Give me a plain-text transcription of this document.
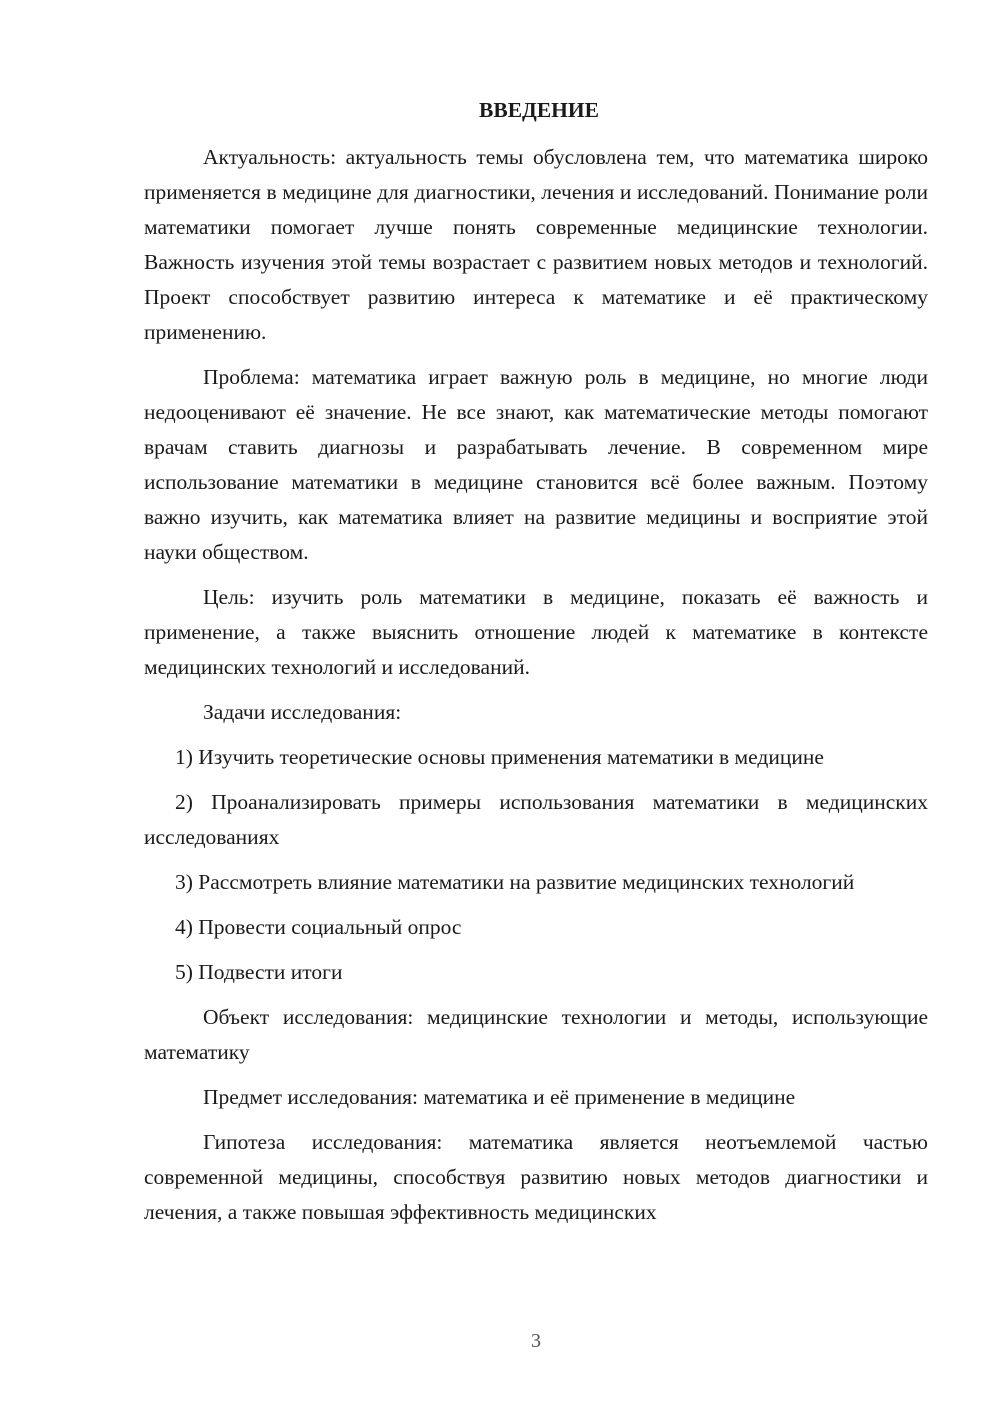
ВВЕДЕНИЕ

Актуальность: актуальность темы обусловлена тем, что математика широко применяется в медицине для диагностики, лечения и исследований. Понимание роли математики помогает лучше понять современные медицинские технологии. Важность изучения этой темы возрастает с развитием новых методов и технологий. Проект способствует развитию интереса к математике и её практическому применению.

Проблема: математика играет важную роль в медицине, но многие люди недооценивают её значение. Не все знают, как математические методы помогают врачам ставить диагнозы и разрабатывать лечение. В современном мире использование математики в медицине становится всё более важным. Поэтому важно изучить, как математика влияет на развитие медицины и восприятие этой науки обществом.

Цель: изучить роль математики в медицине, показать её важность и применение, а также выяснить отношение людей к математике в контексте медицинских технологий и исследований.

Задачи исследования:

1) Изучить теоретические основы применения математики в медицине

2) Проанализировать примеры использования математики в медицинских исследованиях

3) Рассмотреть влияние математики на развитие медицинских технологий

4) Провести социальный опрос

5) Подвести итоги

Объект исследования: медицинские технологии и методы, использующие математику

Предмет исследования: математика и её применение в медицине

Гипотеза исследования: математика является неотъемлемой частью современной медицины, способствуя развитию новых методов диагностики и лечения, а также повышая эффективность медицинских

3
